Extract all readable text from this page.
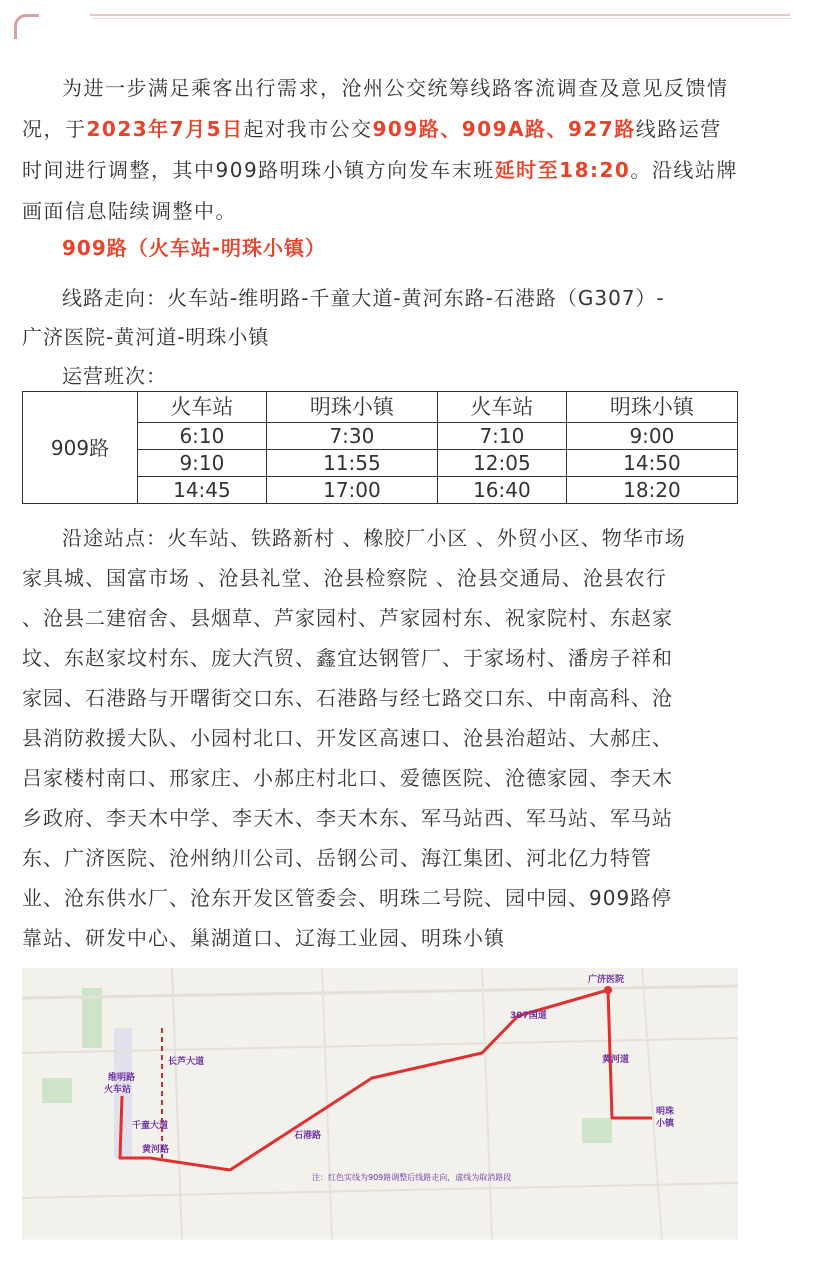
为进一步满足乘客出行需求，沧州公交统筹线路客流调查及意见反馈情况，于2023年7月5日起对我市公交909路、909A路、927路线路运营时间进行调整，其中909路明珠小镇方向发车末班延时至18:20。沿线站牌画面信息陆续调整中。

909路（火车站-明珠小镇）
线路走向：火车站-维明路-千童大道-黄河东路-石港路（G307）-
广济医院-黄河道-明珠小镇
运营班次：
909路	火车站	明珠小镇	火车站	明珠小镇
	6:10	7:30	7:10	9:00
	9:10	11:55	12:05	14:50
	14:45	17:00	16:40	18:20
沿途站点：火车站、铁路新村 、橡胶厂小区 、外贸小区、物华市场
家具城、国富市场 、沧县礼堂、沧县检察院 、沧县交通局、沧县农行
、沧县二建宿舍、县烟草、芦家园村、芦家园村东、祝家院村、东赵家
坟、东赵家坟村东、庞大汽贸、鑫宜达钢管厂、于家场村、潘房子祥和
家园、石港路与开曙街交口东、石港路与经七路交口东、中南高科、沧
县消防救援大队、小园村北口、开发区高速口、沧县治超站、大郝庄、
吕家楼村南口、邢家庄、小郝庄村北口、爱德医院、沧德家园、李天木
乡政府、李天木中学、李天木、李天木东、军马站西、军马站、军马站
东、广济医院、沧州纳川公司、岳钢公司、海江集团、河北亿力特管
业、沧东供水厂、沧东开发区管委会、明珠二号院、园中园、909路停
靠站、研发中心、巢湖道口、辽海工业园、明珠小镇
火车站
维明路
千童大道
黄河路
长芦大道
石港路
307国道
广济医院
黄河道
明珠
小镇
注：红色实线为909路调整后线路走向，虚线为取消路段
